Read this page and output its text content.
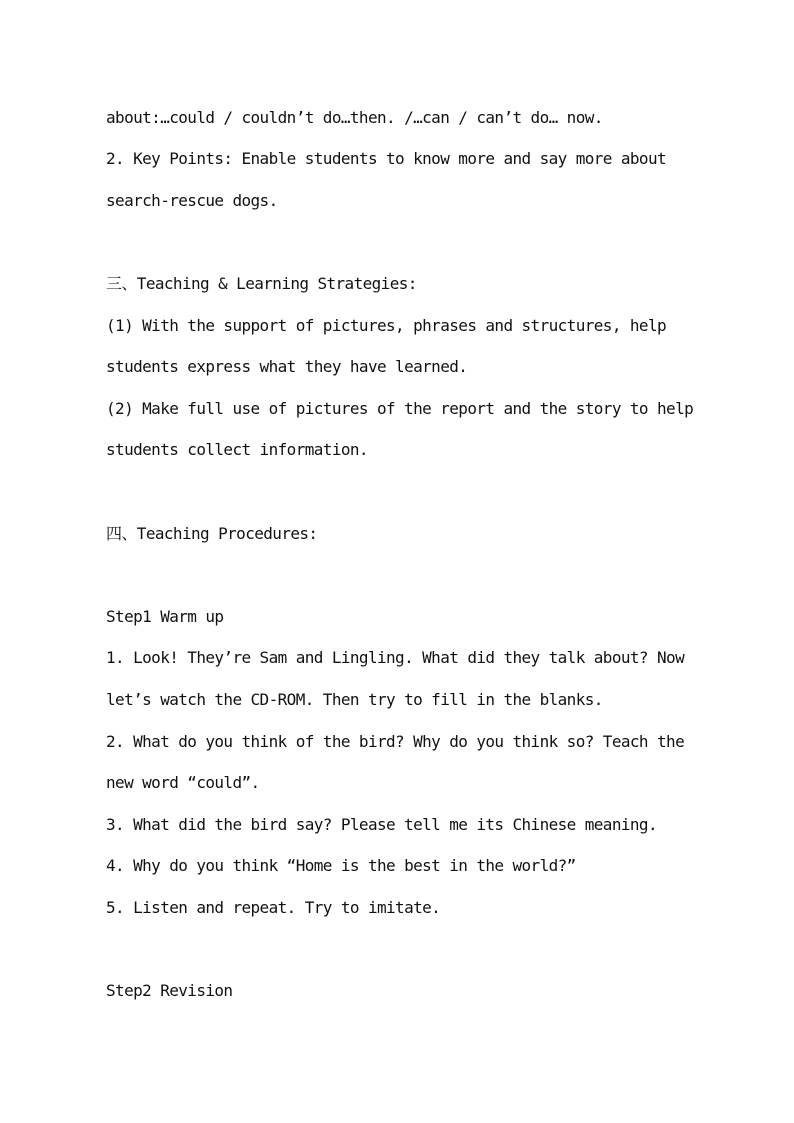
about:…could / couldn’t do…then. /…can / can’t do… now.
2. Key Points: Enable students to know more and say more about
search-rescue dogs.
三、Teaching & Learning Strategies:
(1) With the support of pictures, phrases and structures, help
students express what they have learned.
(2) Make full use of pictures of the report and the story to help
students collect information.
四、Teaching Procedures:
Step1 Warm up
1. Look! They’re Sam and Lingling. What did they talk about? Now
let’s watch the CD-ROM. Then try to fill in the blanks.
2. What do you think of the bird? Why do you think so? Teach the
new word “could”.
3. What did the bird say? Please tell me its Chinese meaning.
4. Why do you think “Home is the best in the world?”
5. Listen and repeat. Try to imitate.
Step2 Revision
